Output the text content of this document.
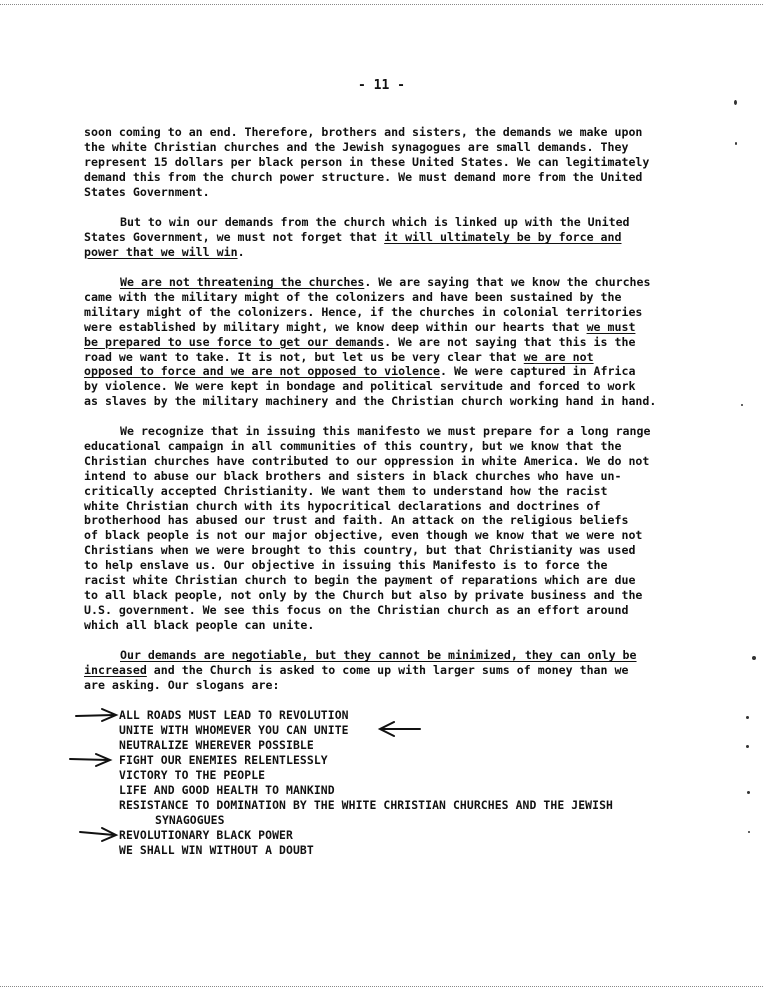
- 11 -
soon coming to an end. Therefore, brothers and sisters, the demands we make upon
the white Christian churches and the Jewish synagogues are small demands. They
represent 15 dollars per black person in these United States. We can legitimately
demand this from the church power structure. We must demand more from the United
States Government.
But to win our demands from the church which is linked up with the United
States Government, we must not forget that it will ultimately be by force and
power that we will win.
We are not threatening the churches. We are saying that we know the churches
came with the military might of the colonizers and have been sustained by the
military might of the colonizers. Hence, if the churches in colonial territories
were established by military might, we know deep within our hearts that we must
be prepared to use force to get our demands. We are not saying that this is the
road we want to take. It is not, but let us be very clear that we are not
opposed to force and we are not opposed to violence. We were captured in Africa
by violence. We were kept in bondage and political servitude and forced to work
as slaves by the military machinery and the Christian church working hand in hand.
We recognize that in issuing this manifesto we must prepare for a long range
educational campaign in all communities of this country, but we know that the
Christian churches have contributed to our oppression in white America. We do not
intend to abuse our black brothers and sisters in black churches who have un-
critically accepted Christianity. We want them to understand how the racist
white Christian church with its hypocritical declarations and doctrines of
brotherhood has abused our trust and faith. An attack on the religious beliefs
of black people is not our major objective, even though we know that we were not
Christians when we were brought to this country, but that Christianity was used
to help enslave us. Our objective in issuing this Manifesto is to force the
racist white Christian church to begin the payment of reparations which are due
to all black people, not only by the Church but also by private business and the
U.S. government. We see this focus on the Christian church as an effort around
which all black people can unite.
Our demands are negotiable, but they cannot be minimized, they can only be
increased and the Church is asked to come up with larger sums of money than we
are asking. Our slogans are:
ALL ROADS MUST LEAD TO REVOLUTION
UNITE WITH WHOMEVER YOU CAN UNITE
NEUTRALIZE WHEREVER POSSIBLE
FIGHT OUR ENEMIES RELENTLESSLY
VICTORY TO THE PEOPLE
LIFE AND GOOD HEALTH TO MANKIND
RESISTANCE TO DOMINATION BY THE WHITE CHRISTIAN CHURCHES AND THE JEWISH
SYNAGOGUES
REVOLUTIONARY BLACK POWER
WE SHALL WIN WITHOUT A DOUBT
